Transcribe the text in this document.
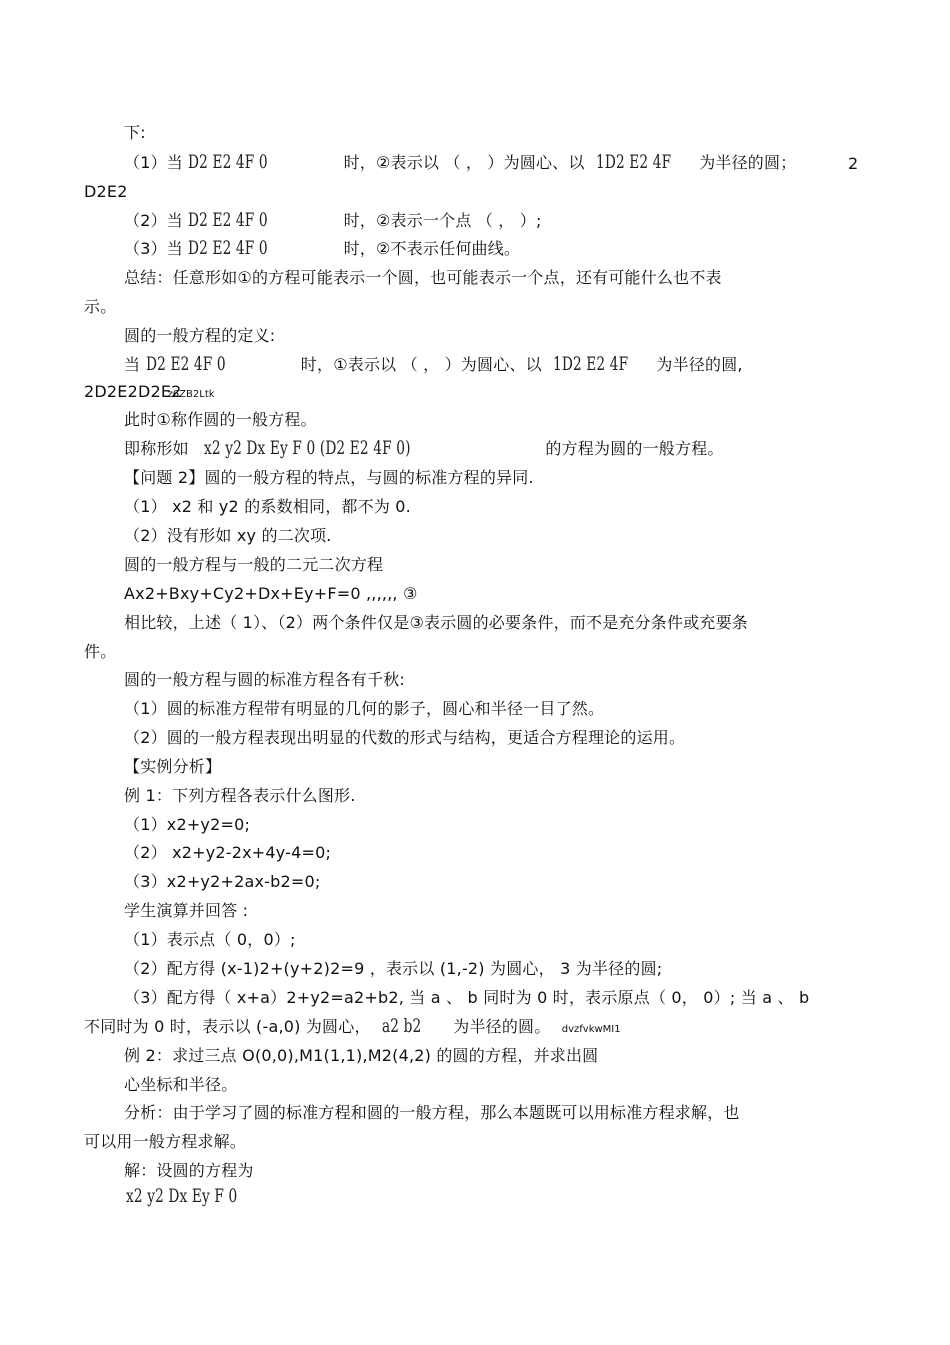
下:
（1）当 D2 E2 4F 0	时，②表示以 （ ， ）为圆心、以 1D2 E2 4F 为半径的圆；	2
D2E2
（2）当 D2 E2 4F 0	时，②表示一个点 （ ， ）;
（3）当 D2 E2 4F 0	时，②不表示任何曲线。
总结：任意形如①的方程可能表示一个圆，也可能表示一个点，还有可能什么也不表
示。
圆的一般方程的定义:
当 D2 E2 4F 0	时，①表示以 （ ， ）为圆心、以 1D2 E2 4F 为半径的圆,
2D2E2D2E2z6ZB2Ltk
此时①称作圆的一般方程。
即称形如 x2 y2 Dx Ey F 0 (D2 E2 4F 0)	的方程为圆的一般方程。
【问题 2】圆的一般方程的特点，与圆的标准方程的异同.
（1） x2 和 y2 的系数相同，都不为 0.
（2）没有形如 xy 的二次项.
圆的一般方程与一般的二元二次方程
Ax2+Bxy+Cy2+Dx+Ey+F=0 ,,,,,, ③
相比较，上述（ 1）、（2）两个条件仅是③表示圆的必要条件，而不是充分条件或充要条
件。
圆的一般方程与圆的标准方程各有千秋:
（1）圆的标准方程带有明显的几何的影子，圆心和半径一目了然。
（2）圆的一般方程表现出明显的代数的形式与结构，更适合方程理论的运用。
【实例分析】
例 1：下列方程各表示什么图形.
（1）x2+y2=0;
（2） x2+y2-2x+4y-4=0;
（3）x2+y2+2ax-b2=0;
学生演算并回答 :
（1）表示点（ 0，0）;
（2）配方得 (x-1)2+(y+2)2=9 ，表示以 (1,-2) 为圆心， 3 为半径的圆;
（3）配方得（ x+a）2+y2=a2+b2, 当 a 、 b 同时为 0 时，表示原点（ 0， 0）; 当 a 、 b
不同时为 0 时，表示以 (-a,0) 为圆心， a2 b2 为半径的圆。 dvzfvkwMI1
例 2：求过三点 O(0,0),M1(1,1),M2(4,2) 的圆的方程，并求出圆
心坐标和半径。
分析：由于学习了圆的标准方程和圆的一般方程，那么本题既可以用标准方程求解，也
可以用一般方程求解。
解：设圆的方程为
x2 y2 Dx Ey F 0
